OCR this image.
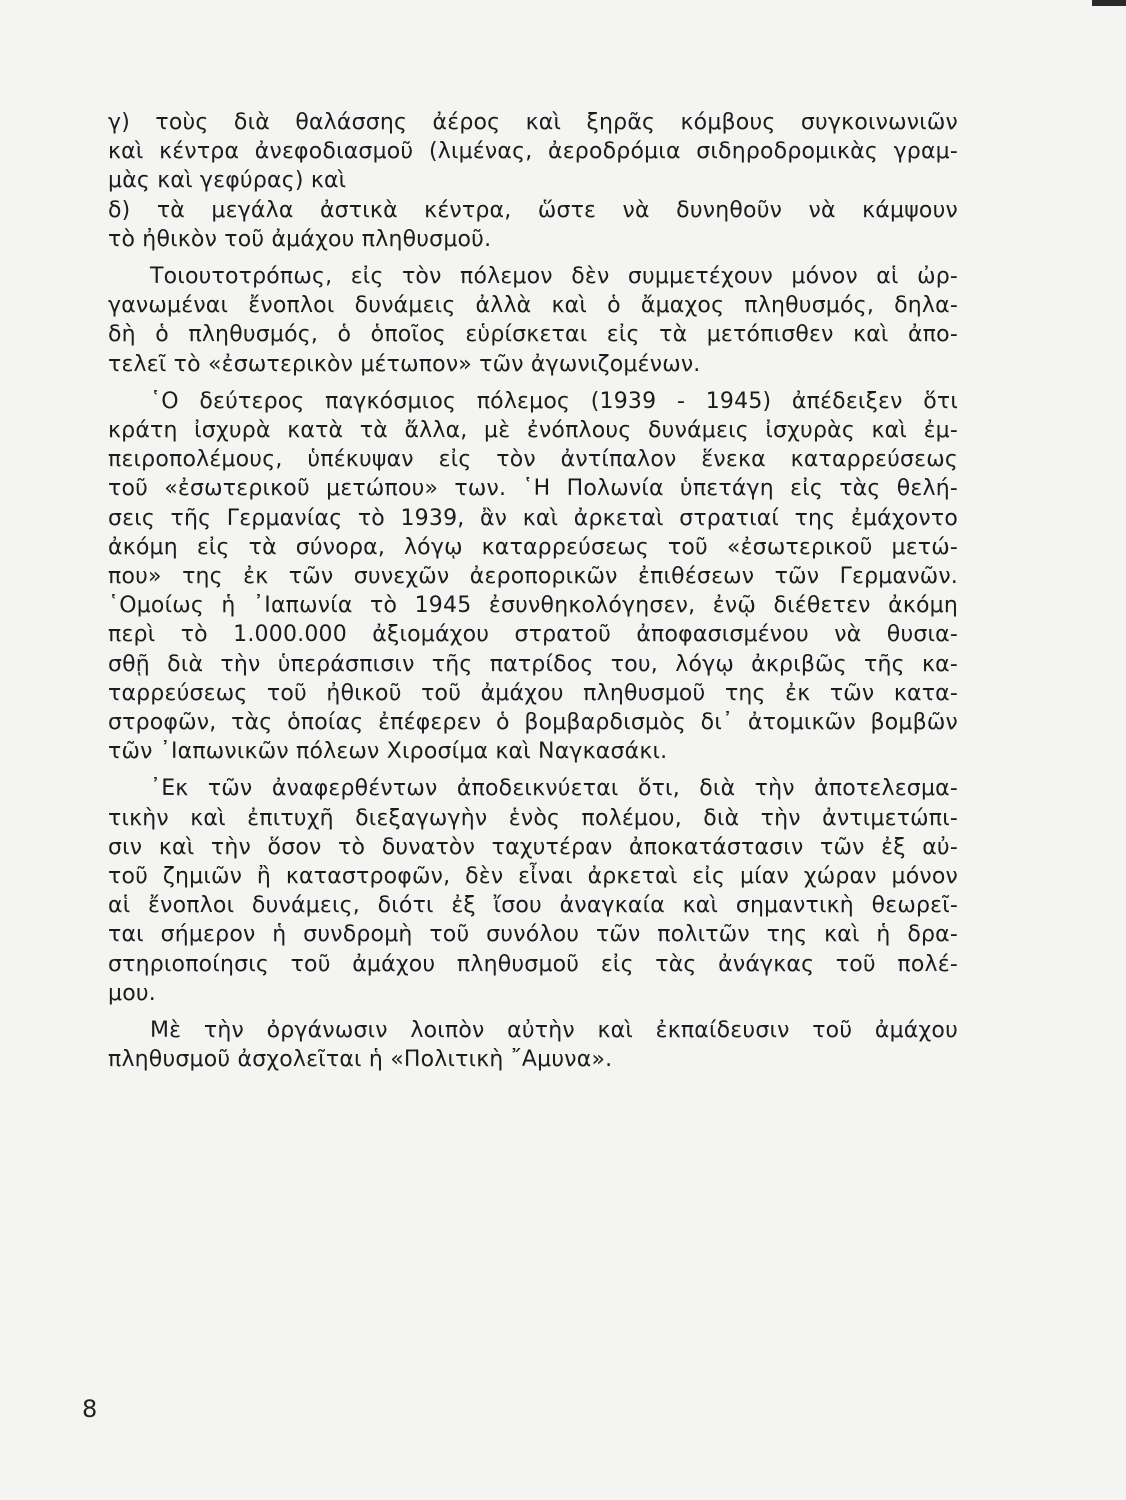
γ) τοὺς διὰ θαλάσσης ἀέρος καὶ ξηρᾶς κόμβους συγκοινωνιῶν
καὶ κέντρα ἀνεφοδιασμοῦ (λιμένας, ἀεροδρόμια σιδηροδρομικὰς γραμ-
μὰς καὶ γεφύρας) καὶ
δ) τὰ μεγάλα ἀστικὰ κέντρα, ὥστε νὰ δυνηθοῦν νὰ κάμψουν
τὸ ἠθικὸν τοῦ ἀμάχου πληθυσμοῦ.
Τοιουτοτρόπως, εἰς τὸν πόλεμον δὲν συμμετέχουν μόνον αἱ ὠρ-
γανωμέναι ἔνοπλοι δυνάμεις ἀλλὰ καὶ ὁ ἄμαχος πληθυσμός, δηλα-
δὴ ὁ πληθυσμός, ὁ ὁποῖος εὑρίσκεται εἰς τὰ μετόπισθεν καὶ ἀπο-
τελεῖ τὸ «ἐσωτερικὸν μέτωπον» τῶν ἀγωνιζομένων.
῾Ο δεύτερος παγκόσμιος πόλεμος (1939 - 1945) ἀπέδειξεν ὅτι
κράτη ἰσχυρὰ κατὰ τὰ ἄλλα, μὲ ἐνόπλους δυνάμεις ἰσχυρὰς καὶ ἐμ-
πειροπολέμους, ὑπέκυψαν εἰς τὸν ἀντίπαλον ἕνεκα καταρρεύσεως
τοῦ «ἐσωτερικοῦ μετώπου» των. ῾Η Πολωνία ὑπετάγη εἰς τὰς θελή-
σεις τῆς Γερμανίας τὸ 1939, ἂν καὶ ἀρκεταὶ στρατιαί της ἐμάχοντο
ἀκόμη εἰς τὰ σύνορα, λόγῳ καταρρεύσεως τοῦ «ἐσωτερικοῦ μετώ-
που» της ἐκ τῶν συνεχῶν ἀεροπορικῶν ἐπιθέσεων τῶν Γερμανῶν.
῾Ομοίως ἡ ᾿Ιαπωνία τὸ 1945 ἐσυνθηκολόγησεν, ἐνῷ διέθετεν ἀκόμη
περὶ τὸ 1.000.000 ἀξιομάχου στρατοῦ ἀποφασισμένου νὰ θυσια-
σθῇ διὰ τὴν ὑπεράσπισιν τῆς πατρίδος του, λόγῳ ἀκριβῶς τῆς κα-
ταρρεύσεως τοῦ ἠθικοῦ τοῦ ἀμάχου πληθυσμοῦ της ἐκ τῶν κατα-
στροφῶν, τὰς ὁποίας ἐπέφερεν ὁ βομβαρδισμὸς δι᾿ ἀτομικῶν βομβῶν
τῶν ᾿Ιαπωνικῶν πόλεων Χιροσίμα καὶ Ναγκασάκι.
᾿Εκ τῶν ἀναφερθέντων ἀποδεικνύεται ὅτι, διὰ τὴν ἀποτελεσμα-
τικὴν καὶ ἐπιτυχῆ διεξαγωγὴν ἑνὸς πολέμου, διὰ τὴν ἀντιμετώπι-
σιν καὶ τὴν ὅσον τὸ δυνατὸν ταχυτέραν ἀποκατάστασιν τῶν ἐξ αὐ-
τοῦ ζημιῶν ἢ καταστροφῶν, δὲν εἶναι ἀρκεταὶ εἰς μίαν χώραν μόνον
αἱ ἔνοπλοι δυνάμεις, διότι ἐξ ἴσου ἀναγκαία καὶ σημαντικὴ θεωρεῖ-
ται σήμερον ἡ συνδρομὴ τοῦ συνόλου τῶν πολιτῶν της καὶ ἡ δρα-
στηριοποίησις τοῦ ἀμάχου πληθυσμοῦ εἰς τὰς ἀνάγκας τοῦ πολέ-
μου.
Μὲ τὴν ὀργάνωσιν λοιπὸν αὐτὴν καὶ ἐκπαίδευσιν τοῦ ἀμάχου
πληθυσμοῦ ἀσχολεῖται ἡ «Πολιτικὴ ῎Αμυνα».
8
